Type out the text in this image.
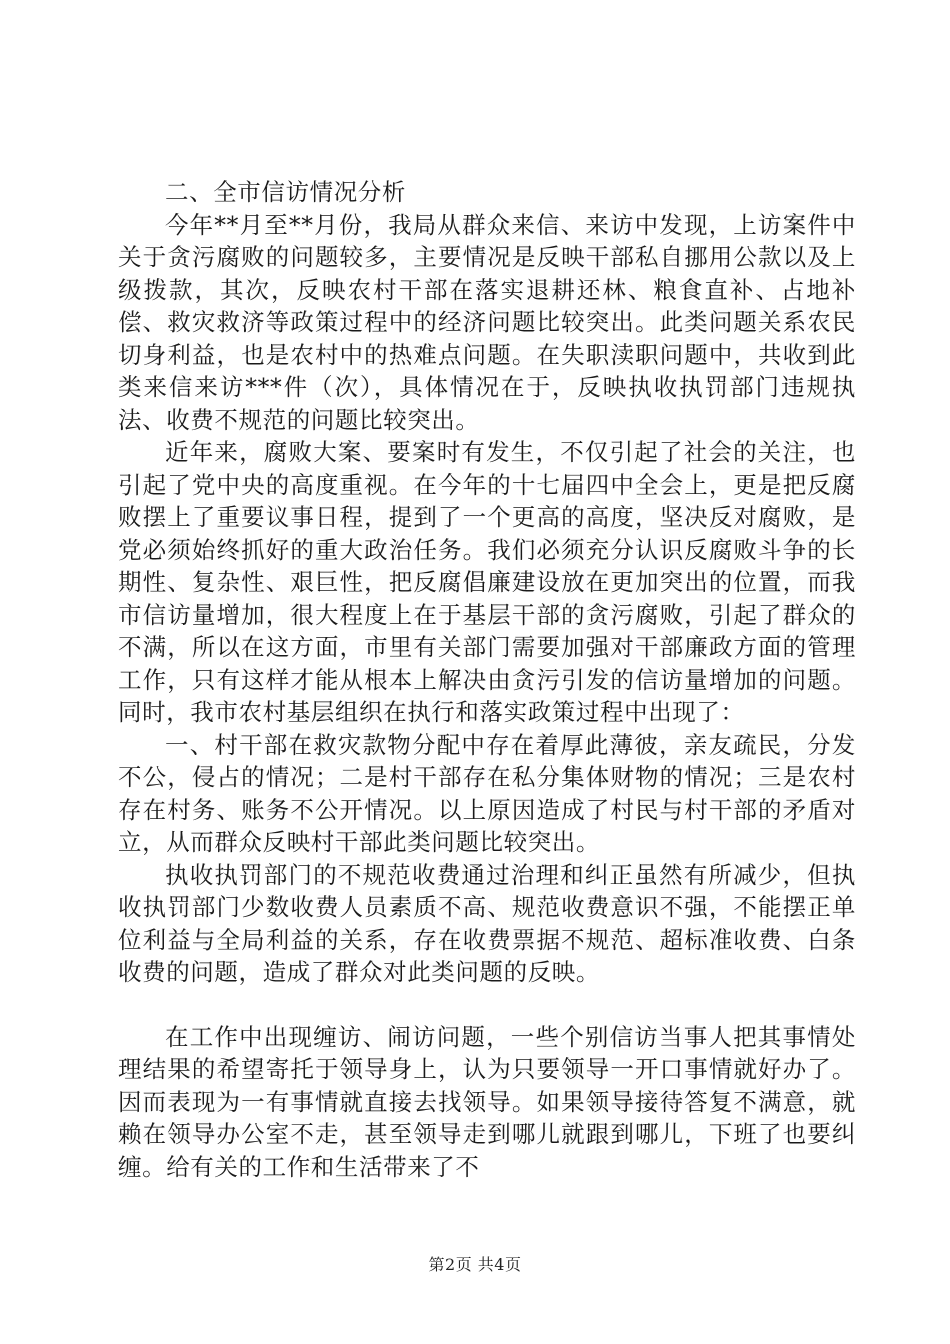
二、全市信访情况分析

今年**月至**月份，我局从群众来信、来访中发现，上访案件中关于贪污腐败的问题较多，主要情况是反映干部私自挪用公款以及上级拨款，其次，反映农村干部在落实退耕还林、粮食直补、占地补偿、救灾救济等政策过程中的经济问题比较突出。此类问题关系农民切身利益，也是农村中的热难点问题。在失职渎职问题中，共收到此类来信来访***件（次），具体情况在于，反映执收执罚部门违规执法、收费不规范的问题比较突出。

近年来，腐败大案、要案时有发生，不仅引起了社会的关注，也引起了党中央的高度重视。在今年的十七届四中全会上，更是把反腐败摆上了重要议事日程，提到了一个更高的高度，坚决反对腐败，是党必须始终抓好的重大政治任务。我们必须充分认识反腐败斗争的长期性、复杂性、艰巨性，把反腐倡廉建设放在更加突出的位置，而我市信访量增加，很大程度上在于基层干部的贪污腐败，引起了群众的不满，所以在这方面，市里有关部门需要加强对干部廉政方面的管理工作，只有这样才能从根本上解决由贪污引发的信访量增加的问题。同时，我市农村基层组织在执行和落实政策过程中出现了：

一、村干部在救灾款物分配中存在着厚此薄彼，亲友疏民，分发不公，侵占的情况；二是村干部存在私分集体财物的情况；三是农村存在村务、账务不公开情况。以上原因造成了村民与村干部的矛盾对立，从而群众反映村干部此类问题比较突出。

执收执罚部门的不规范收费通过治理和纠正虽然有所减少，但执收执罚部门少数收费人员素质不高、规范收费意识不强，不能摆正单位利益与全局利益的关系，存在收费票据不规范、超标准收费、白条收费的问题，造成了群众对此类问题的反映。

在工作中出现缠访、闹访问题，一些个别信访当事人把其事情处理结果的希望寄托于领导身上，认为只要领导一开口事情就好办了。因而表现为一有事情就直接去找领导。如果领导接待答复不满意，就赖在领导办公室不走，甚至领导走到哪儿就跟到哪儿，下班了也要纠缠。给有关的工作和生活带来了不

第2页 共4页
